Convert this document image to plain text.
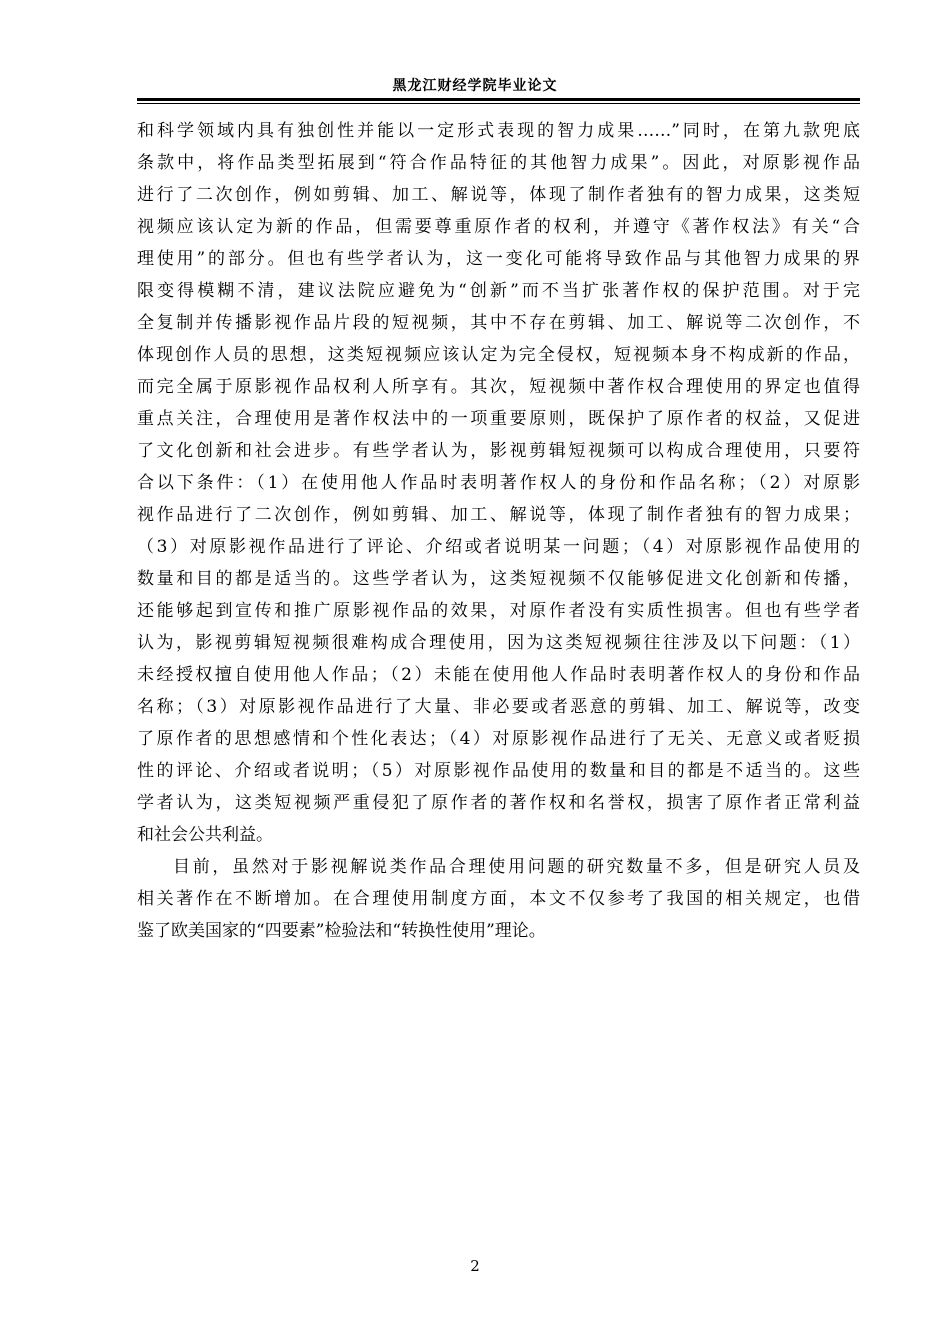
黑龙江财经学院毕业论文
和科学领域内具有独创性并能以一定形式表现的智力成果……”同时，在第九款兜底
条款中，将作品类型拓展到“符合作品特征的其他智力成果”。因此，对原影视作品
进行了二次创作，例如剪辑、加工、解说等，体现了制作者独有的智力成果，这类短
视频应该认定为新的作品，但需要尊重原作者的权利，并遵守《著作权法》有关“合
理使用”的部分。但也有些学者认为，这一变化可能将导致作品与其他智力成果的界
限变得模糊不清，建议法院应避免为“创新”而不当扩张著作权的保护范围。对于完
全复制并传播影视作品片段的短视频，其中不存在剪辑、加工、解说等二次创作，不
体现创作人员的思想，这类短视频应该认定为完全侵权，短视频本身不构成新的作品，
而完全属于原影视作品权利人所享有。其次，短视频中著作权合理使用的界定也值得
重点关注，合理使用是著作权法中的一项重要原则，既保护了原作者的权益，又促进
了文化创新和社会进步。有些学者认为，影视剪辑短视频可以构成合理使用，只要符
合以下条件：（1）在使用他人作品时表明著作权人的身份和作品名称；（2）对原影
视作品进行了二次创作，例如剪辑、加工、解说等，体现了制作者独有的智力成果；
（3）对原影视作品进行了评论、介绍或者说明某一问题；（4）对原影视作品使用的
数量和目的都是适当的。这些学者认为，这类短视频不仅能够促进文化创新和传播，
还能够起到宣传和推广原影视作品的效果，对原作者没有实质性损害。但也有些学者
认为，影视剪辑短视频很难构成合理使用，因为这类短视频往往涉及以下问题：（1）
未经授权擅自使用他人作品；（2）未能在使用他人作品时表明著作权人的身份和作品
名称；（3）对原影视作品进行了大量、非必要或者恶意的剪辑、加工、解说等，改变
了原作者的思想感情和个性化表达；（4）对原影视作品进行了无关、无意义或者贬损
性的评论、介绍或者说明；（5）对原影视作品使用的数量和目的都是不适当的。这些
学者认为，这类短视频严重侵犯了原作者的著作权和名誉权，损害了原作者正常利益
和社会公共利益。
目前，虽然对于影视解说类作品合理使用问题的研究数量不多，但是研究人员及
相关著作在不断增加。在合理使用制度方面，本文不仅参考了我国的相关规定，也借
鉴了欧美国家的“四要素”检验法和“转换性使用”理论。
2
